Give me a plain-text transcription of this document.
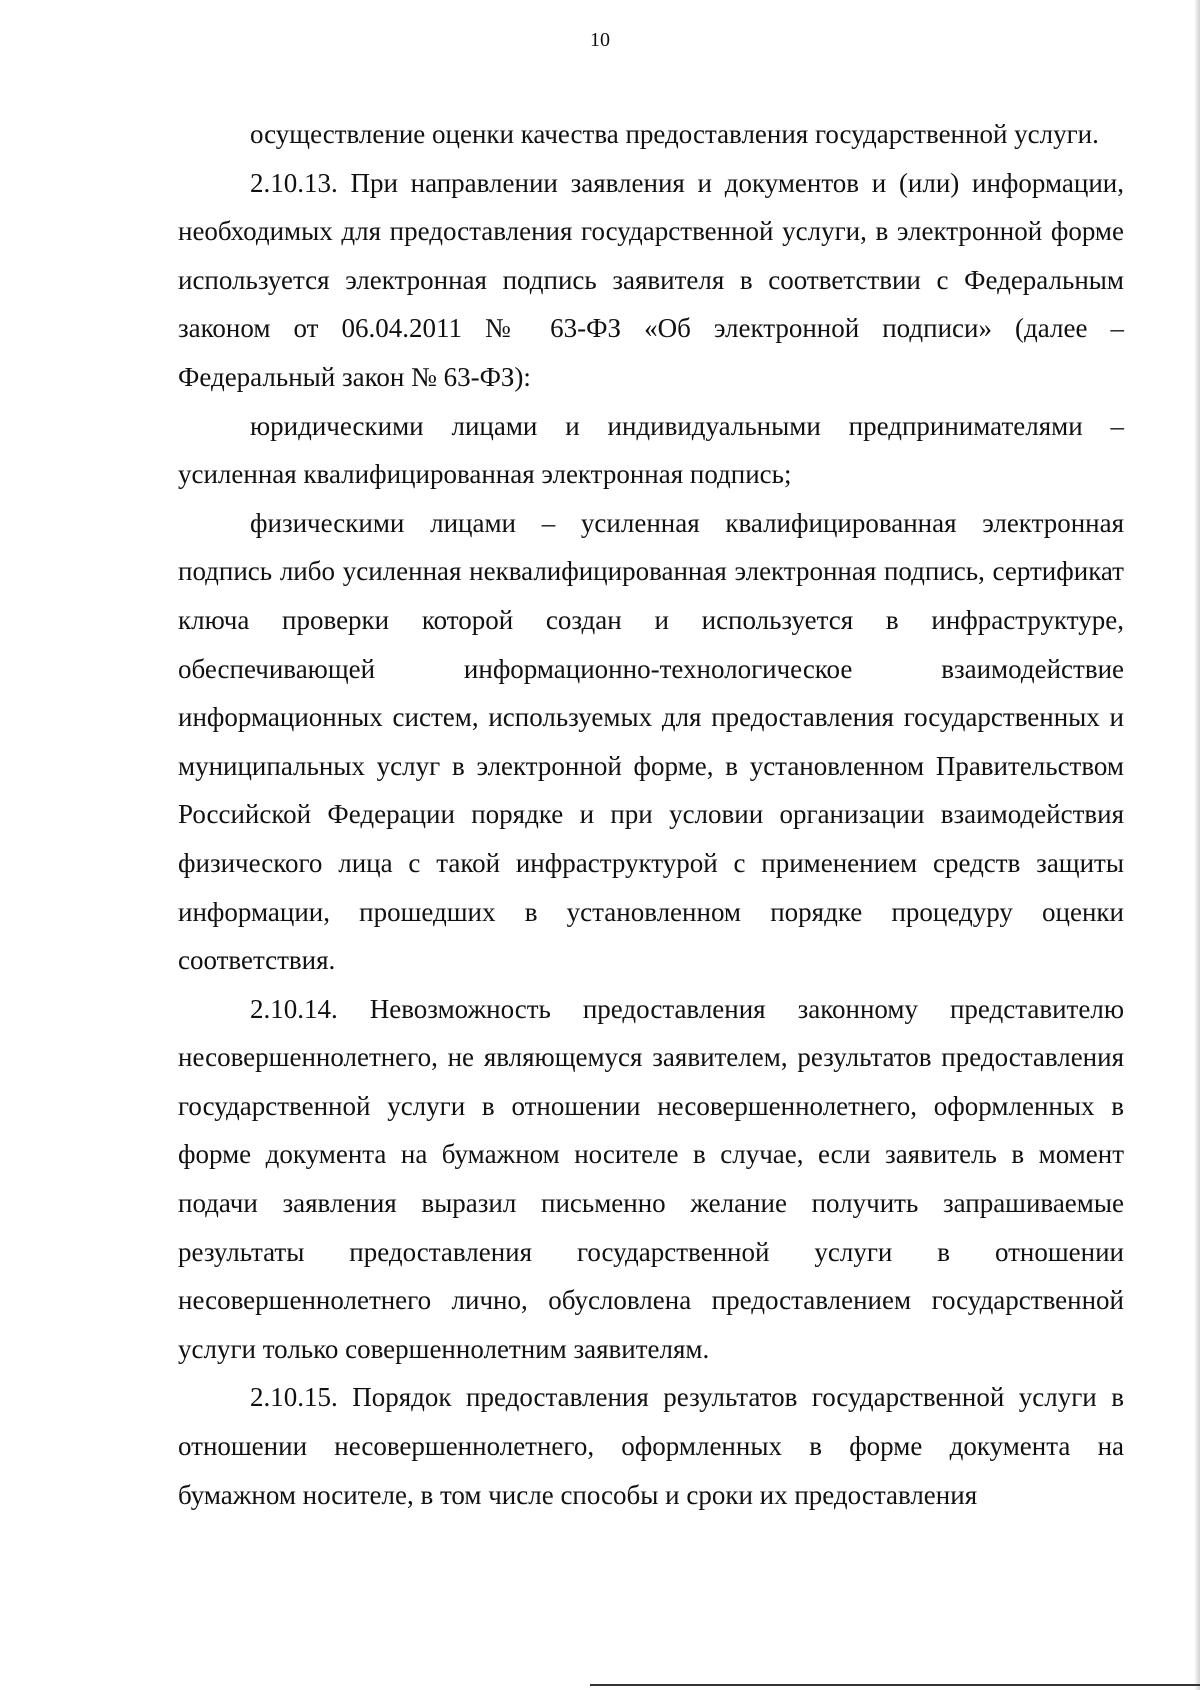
10

осуществление оценки качества предоставления государственной услуги.

2.10.13. При направлении заявления и документов и (или) информации, необходимых для предоставления государственной услуги, в электронной форме используется электронная подпись заявителя в соответствии с Федеральным законом от 06.04.2011 № 63-ФЗ «Об электронной подписи» (далее – Федеральный закон № 63-ФЗ):

юридическими лицами и индивидуальными предпринимателями – усиленная квалифицированная электронная подпись;

физическими лицами – усиленная квалифицированная электронная подпись либо усиленная неквалифицированная электронная подпись, сертификат ключа проверки которой создан и используется в инфраструктуре, обеспечивающей информационно-технологическое взаимодействие информационных систем, используемых для предоставления государственных и муниципальных услуг в электронной форме, в установленном Правительством Российской Федерации порядке и при условии организации взаимодействия физического лица с такой инфраструктурой с применением средств защиты информации, прошедших в установленном порядке процедуру оценки соответствия.

2.10.14. Невозможность предоставления законному представителю несовершеннолетнего, не являющемуся заявителем, результатов предоставления государственной услуги в отношении несовершеннолетнего, оформленных в форме документа на бумажном носителе в случае, если заявитель в момент подачи заявления выразил письменно желание получить запрашиваемые результаты предоставления государственной услуги в отношении несовершеннолетнего лично, обусловлена предоставлением государственной услуги только совершеннолетним заявителям.

2.10.15. Порядок предоставления результатов государственной услуги в отношении несовершеннолетнего, оформленных в форме документа на бумажном носителе, в том числе способы и сроки их предоставления
